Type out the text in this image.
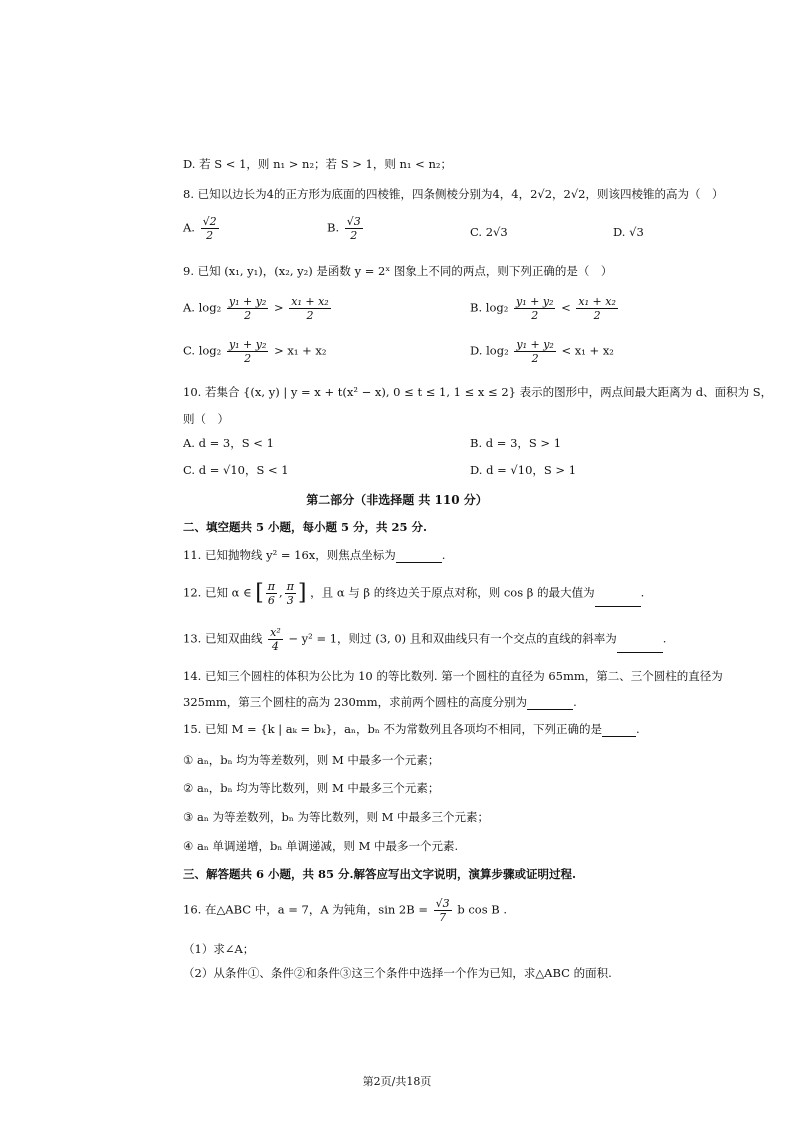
D. 若 S < 1，则 n₁ > n₂；若 S > 1，则 n₁ < n₂；
8. 已知以边长为4的正方形为底面的四棱锥，四条侧棱分别为4，4，2√2，2√2，则该四棱锥的高为（　）
A. $\frac{√2}{2}$	B. $\frac{√3}{2}$	C. 2√3	D. √3
9. 已知 (x₁, y₁)，(x₂, y₂) 是函数 y = 2ˣ 图象上不同的两点，则下列正确的是（　）
A. $\log_2 \frac{\text{y₁ + y₂}}{2} > \frac{\text{x₁ + x₂}}{2}$	B. $\log_2 \frac{\text{y₁ + y₂}}{2} < \frac{\text{x₁ + x₂}}{2}$
C. $\log_2 \frac{\text{y₁ + y₂}}{2} > x_1 + x_2$	D. $\log_2 \frac{\text{y₁ + y₂}}{2} < x_1 + x_2$
10. 若集合 {(x, y) | y = x + t(x² − x), 0 ≤ t ≤ 1, 1 ≤ x ≤ 2} 表示的图形中，两点间最大距离为 d、面积为 S，
则（　）
A. d = 3，S < 1	B. d = 3，S > 1
C. d = √10，S < 1	D. d = √10，S > 1
第二部分（非选择题 共 110 分）
二、填空题共 5 小题，每小题 5 分，共 25 分.
11. 已知抛物线 y² = 16x，则焦点坐标为	.
12. 已知 α ∈ [ $\frac{\pi}{6}$ , $\frac{\pi}{3}$ ] ，且 α 与 β 的终边关于原点对称，则 cos β 的最大值为	.
13. 已知双曲线 $\frac{\text{x²}}{4} - y^2 = 1$，则过 (3, 0) 且和双曲线只有一个交点的直线的斜率为	.
14. 已知三个圆柱的体积为公比为 10 的等比数列. 第一个圆柱的直径为 65mm，第二、三个圆柱的直径为
325mm，第三个圆柱的高为 230mm，求前两个圆柱的高度分别为	.
15. 已知 M = {k | aₖ = bₖ}，aₙ，bₙ 不为常数列且各项均不相同，下列正确的是	.
① aₙ，bₙ 均为等差数列，则 M 中最多一个元素；
② aₙ，bₙ 均为等比数列，则 M 中最多三个元素；
③ aₙ 为等差数列，bₙ 为等比数列，则 M 中最多三个元素；
④ aₙ 单调递增，bₙ 单调递减，则 M 中最多一个元素.
三、解答题共 6 小题，共 85 分.解答应写出文字说明，演算步骤或证明过程.
16. 在△ABC 中，a = 7，A 为钝角，$\sin 2B = \frac{√3}{7}$ b cos B .
（1）求∠A；
（2）从条件①、条件②和条件③这三个条件中选择一个作为已知，求△ABC 的面积.
第2页/共18页
